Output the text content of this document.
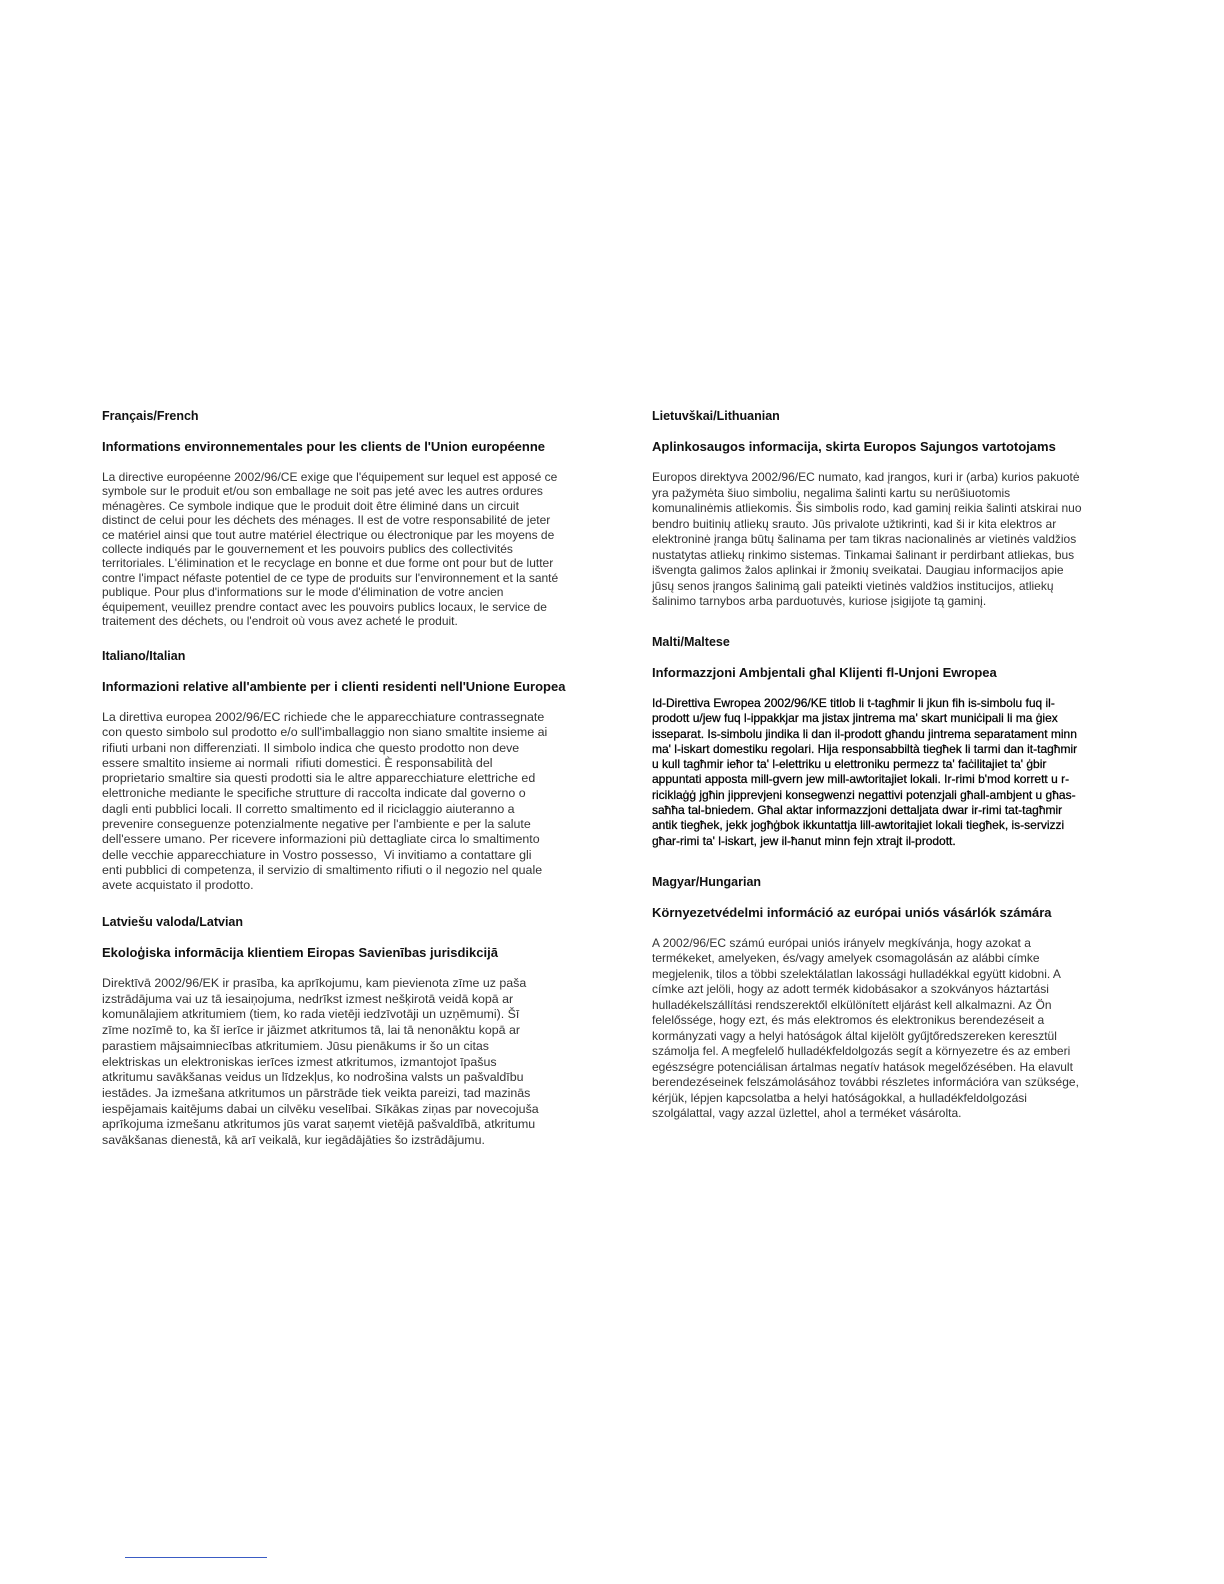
Français/French
Informations environnementales pour les clients de l'Union européenne
La directive européenne 2002/96/CE exige que l'équipement sur lequel est apposé ce
symbole sur le produit et/ou son emballage ne soit pas jeté avec les autres ordures
ménagères. Ce symbole indique que le produit doit être éliminé dans un circuit
distinct de celui pour les déchets des ménages. Il est de votre responsabilité de jeter
ce matériel ainsi que tout autre matériel électrique ou électronique par les moyens de
collecte indiqués par le gouvernement et les pouvoirs publics des collectivités
territoriales. L'élimination et le recyclage en bonne et due forme ont pour but de lutter
contre l'impact néfaste potentiel de ce type de produits sur l'environnement et la santé
publique. Pour plus d'informations sur le mode d'élimination de votre ancien
équipement, veuillez prendre contact avec les pouvoirs publics locaux, le service de
traitement des déchets, ou l'endroit où vous avez acheté le produit.
Italiano/Italian
Informazioni relative all'ambiente per i clienti residenti nell'Unione Europea
La direttiva europea 2002/96/EC richiede che le apparecchiature contrassegnate
con questo simbolo sul prodotto e/o sull'imballaggio non siano smaltite insieme ai
rifiuti urbani non differenziati. Il simbolo indica che questo prodotto non deve
essere smaltito insieme ai normali  rifiuti domestici. È responsabilità del
proprietario smaltire sia questi prodotti sia le altre apparecchiature elettriche ed
elettroniche mediante le specifiche strutture di raccolta indicate dal governo o
dagli enti pubblici locali. Il corretto smaltimento ed il riciclaggio aiuteranno a
prevenire conseguenze potenzialmente negative per l'ambiente e per la salute
dell'essere umano. Per ricevere informazioni più dettagliate circa lo smaltimento
delle vecchie apparecchiature in Vostro possesso,  Vi invitiamo a contattare gli
enti pubblici di competenza, il servizio di smaltimento rifiuti o il negozio nel quale
avete acquistato il prodotto.
Latviešu valoda/Latvian
Ekoloģiska informācija klientiem Eiropas Savienības jurisdikcijā
Direktīvā 2002/96/EK ir prasība, ka aprīkojumu, kam pievienota zīme uz paša
izstrādājuma vai uz tā iesaiņojuma, nedrīkst izmest nešķirotā veidā kopā ar
komunālajiem atkritumiem (tiem, ko rada vietēji iedzīvotāji un uzņēmumi). Šī
zīme nozīmē to, ka šī ierīce ir jāizmet atkritumos tā, lai tā nenonāktu kopā ar
parastiem mājsaimniecības atkritumiem. Jūsu pienākums ir šo un citas
elektriskas un elektroniskas ierīces izmest atkritumos, izmantojot īpašus
atkritumu savākšanas veidus un līdzekļus, ko nodrošina valsts un pašvaldību
iestādes. Ja izmešana atkritumos un pārstrāde tiek veikta pareizi, tad mazinās
iespējamais kaitējums dabai un cilvēku veselībai. Sīkākas ziņas par novecojuša
aprīkojuma izmešanu atkritumos jūs varat saņemt vietējā pašvaldībā, atkritumu
savākšanas dienestā, kā arī veikalā, kur iegādājāties šo izstrādājumu.
Lietuvškai/Lithuanian
Aplinkosaugos informacija, skirta Europos Sajungos vartotojams
Europos direktyva 2002/96/EC numato, kad įrangos, kuri ir (arba) kurios pakuotė
yra pažymėta šiuo simboliu, negalima šalinti kartu su nerūšiuotomis
komunalinėmis atliekomis. Šis simbolis rodo, kad gaminį reikia šalinti atskirai nuo
bendro buitinių atliekų srauto. Jūs privalote užtikrinti, kad ši ir kita elektros ar
elektroninė įranga būtų šalinama per tam tikras nacionalinės ar vietinės valdžios
nustatytas atliekų rinkimo sistemas. Tinkamai šalinant ir perdirbant atliekas, bus
išvengta galimos žalos aplinkai ir žmonių sveikatai. Daugiau informacijos apie
jūsų senos įrangos šalinimą gali pateikti vietinės valdžios institucijos, atliekų
šalinimo tarnybos arba parduotuvės, kuriose įsigijote tą gaminį.
Malti/Maltese
Informazzjoni Ambjentali għal Klijenti fl-Unjoni Ewropea
Id-Direttiva Ewropea 2002/96/KE titlob li t-tagħmir li jkun fih is-simbolu fuq il-
prodott u/jew fuq l-ippakkjar ma jistax jintrema ma' skart muniċipali li ma ġiex
isseparat. Is-simbolu jindika li dan il-prodott għandu jintrema separatament minn
ma' l-iskart domestiku regolari. Hija responsabbiltà tiegħek li tarmi dan it-tagħmir
u kull tagħmir ieħor ta' l-elettriku u elettroniku permezz ta' faċilitajiet ta' ġbir
appuntati apposta mill-gvern jew mill-awtoritajiet lokali. Ir-rimi b'mod korrett u r-
riciklaġġ jgħin jipprevjeni konsegwenzi negattivi potenzjali għall-ambjent u għas-
saħħa tal-bniedem. Għal aktar informazzjoni dettaljata dwar ir-rimi tat-tagħmir
antik tiegħek, jekk jogħġbok ikkuntattja lill-awtoritajiet lokali tiegħek, is-servizzi
għar-rimi ta' l-iskart, jew il-ħanut minn fejn xtrajt il-prodott.
Magyar/Hungarian
Környezetvédelmi információ az európai uniós vásárlók számára
A 2002/96/EC számú európai uniós irányelv megkívánja, hogy azokat a
termékeket, amelyeken, és/vagy amelyek csomagolásán az alábbi címke
megjelenik, tilos a többi szelektálatlan lakossági hulladékkal együtt kidobni. A
címke azt jelöli, hogy az adott termék kidobásakor a szokványos háztartási
hulladékelszállítási rendszerektől elkülönített eljárást kell alkalmazni. Az Ön
felelőssége, hogy ezt, és más elektromos és elektronikus berendezéseit a
kormányzati vagy a helyi hatóságok által kijelölt gyűjtőredszereken keresztül
számolja fel. A megfelelő hulladékfeldolgozás segít a környezetre és az emberi
egészségre potenciálisan ártalmas negatív hatások megelőzésében. Ha elavult
berendezéseinek felszámolásához további részletes információra van szüksége,
kérjük, lépjen kapcsolatba a helyi hatóságokkal, a hulladékfeldolgozási
szolgálattal, vagy azzal üzlettel, ahol a terméket vásárolta.
